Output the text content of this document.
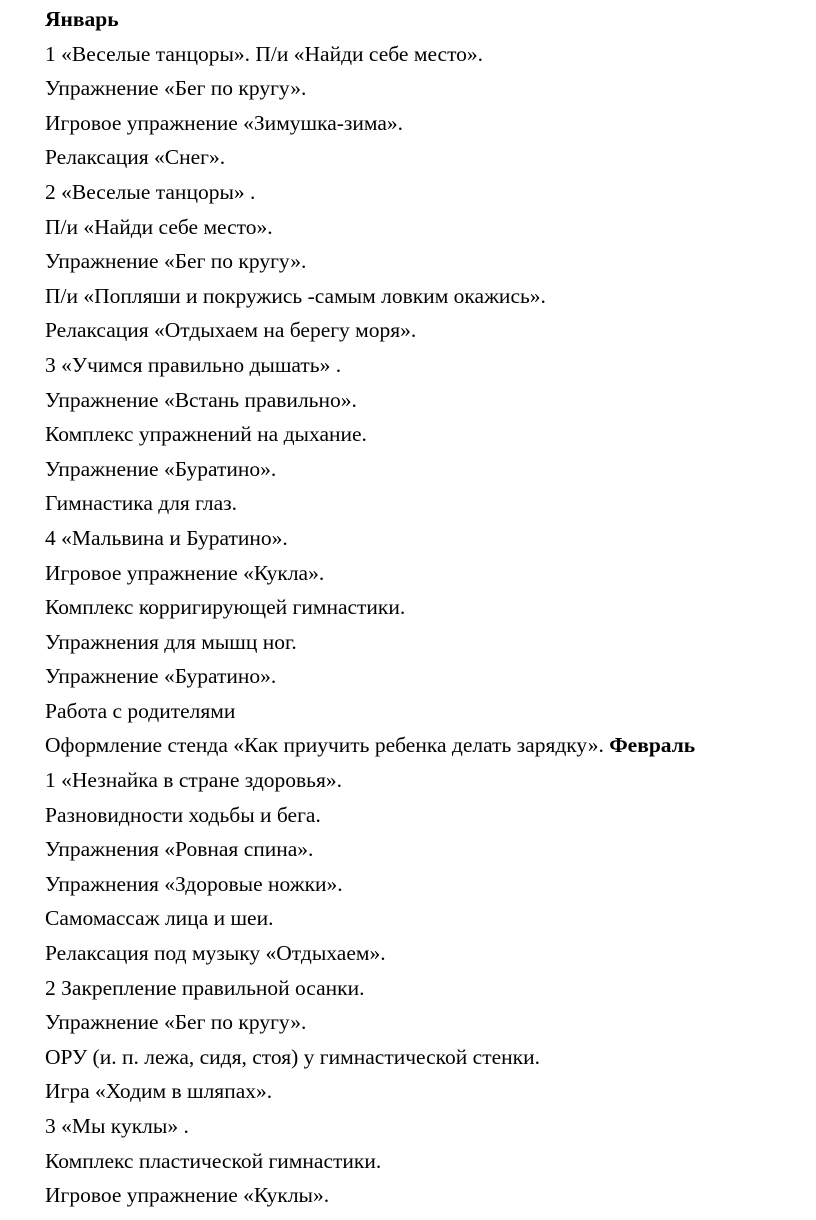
Январь
1 «Веселые танцоры». П/и «Найди себе место».
Упражнение «Бег по кругу».
Игровое упражнение «Зимушка-зима».
Релаксация «Снег».
2 «Веселые танцоры» .
П/и «Найди себе место».
Упражнение «Бег по кругу».
П/и «Попляши и покружись -самым ловким окажись».
Релаксация «Отдыхаем на берегу моря».
3 «Учимся правильно дышать» .
Упражнение «Встань правильно».
Комплекс упражнений на дыхание.
Упражнение «Буратино».
Гимнастика для глаз.
4 «Мальвина и Буратино».
Игровое упражнение «Кукла».
Комплекс корригирующей гимнастики.
Упражнения для мышц ног.
Упражнение «Буратино».
Работа с родителями
Оформление стенда «Как приучить ребенка делать зарядку». Февраль
1 «Незнайка в стране здоровья».
Разновидности ходьбы и бега.
Упражнения «Ровная спина».
Упражнения «Здоровые ножки».
Самомассаж лица и шеи.
Релаксация под музыку «Отдыхаем».
2 Закрепление правильной осанки.
Упражнение «Бег по кругу».
ОРУ (и. п. лежа, сидя, стоя) у гимнастической стенки.
Игра «Ходим в шляпах».
3 «Мы куклы» .
Комплекс пластической гимнастики.
Игровое упражнение «Куклы».
